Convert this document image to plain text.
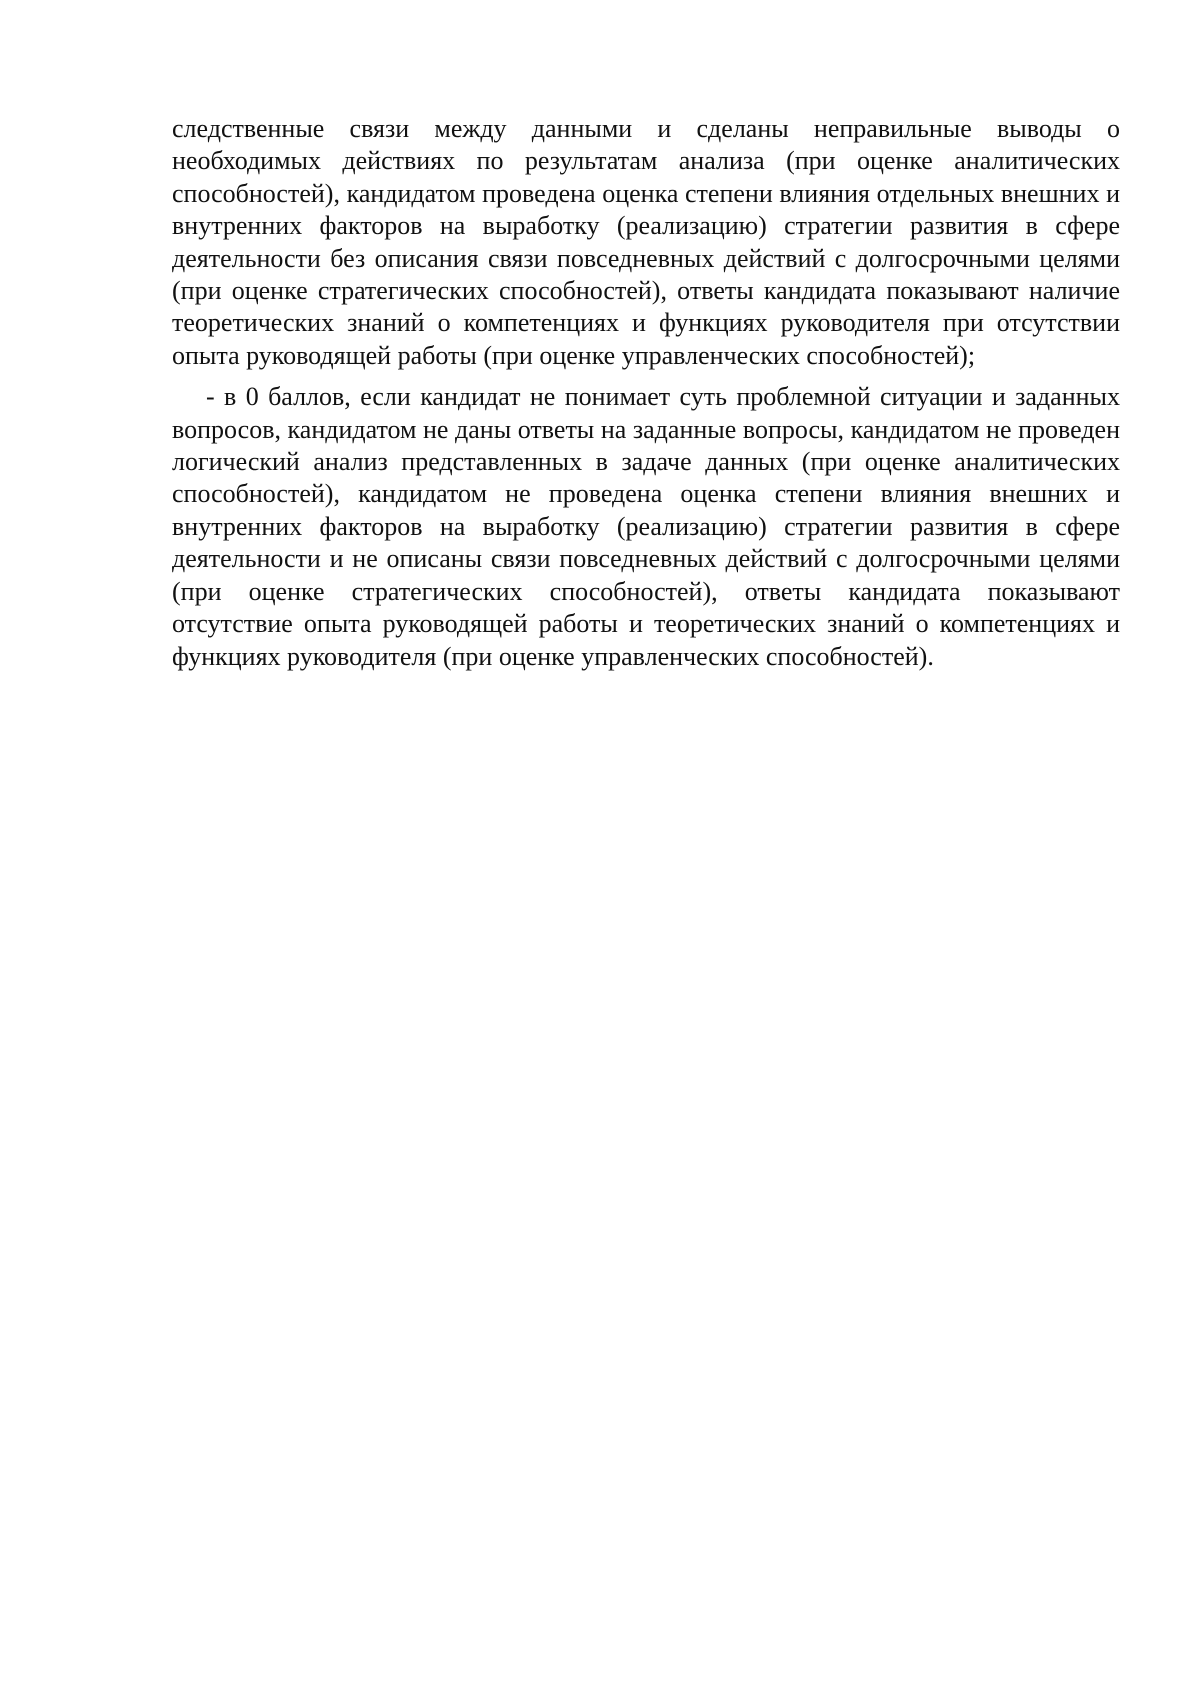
следственные связи между данными и сделаны неправильные выводы о необходимых действиях по результатам анализа (при оценке аналитических способностей), кандидатом проведена оценка степени влияния отдельных внешних и внутренних факторов на выработку (реализацию) стратегии развития в сфере деятельности без описания связи повседневных действий с долгосрочными целями (при оценке стратегических способностей), ответы кандидата показывают наличие теоретических знаний о компетенциях и функциях руководителя при отсутствии опыта руководящей работы (при оценке управленческих способностей);

- в 0 баллов, если кандидат не понимает суть проблемной ситуации и заданных вопросов, кандидатом не даны ответы на заданные вопросы, кандидатом не проведен логический анализ представленных в задаче данных (при оценке аналитических способностей), кандидатом не проведена оценка степени влияния внешних и внутренних факторов на выработку (реализацию) стратегии развития в сфере деятельности и не описаны связи повседневных действий с долгосрочными целями (при оценке стратегических способностей), ответы кандидата показывают отсутствие опыта руководящей работы и теоретических знаний о компетенциях и функциях руководителя (при оценке управленческих способностей).
